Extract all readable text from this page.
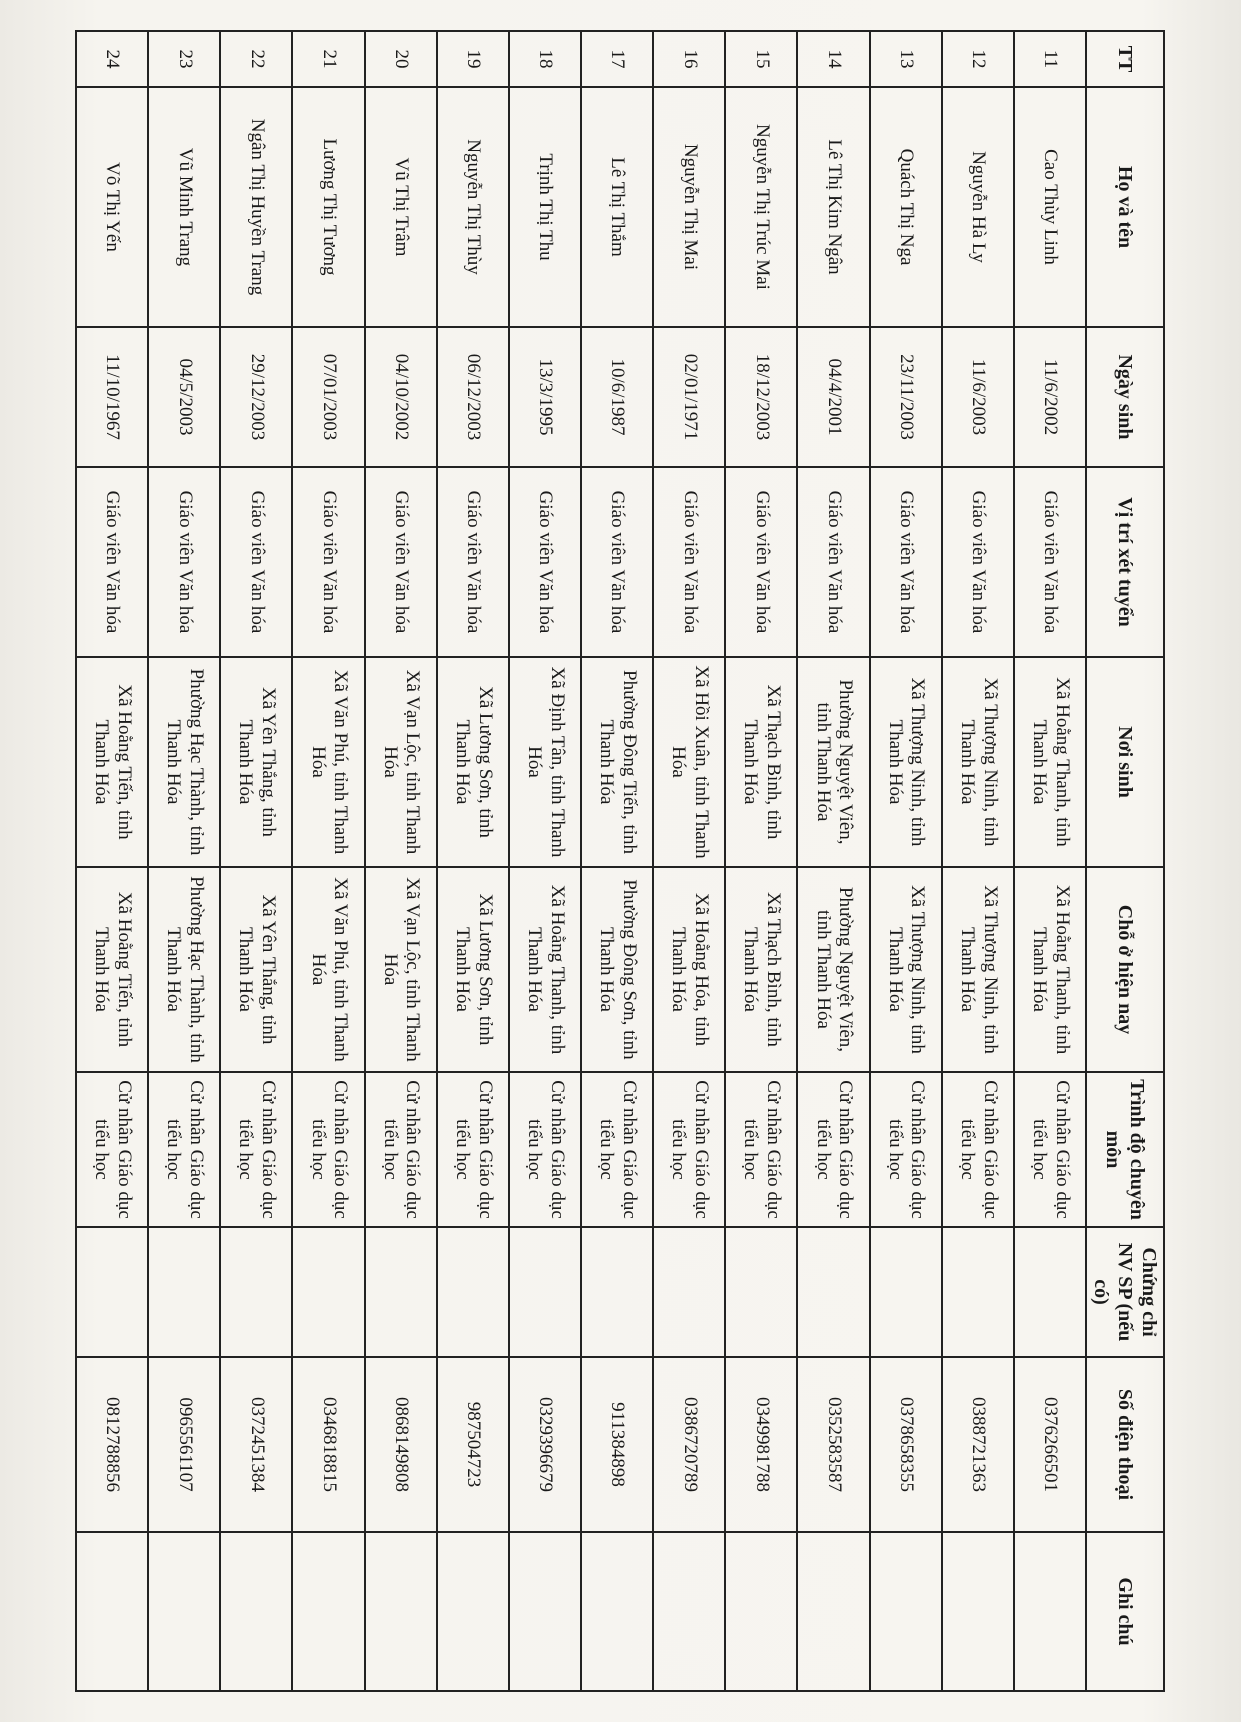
TT	Họ và tên	Ngày sinh	Vị trí xét tuyển	Nơi sinh	Chỗ ở hiện nay	Trình độ chuyên môn	Chứng chỉ NV SP (nếu có)	Số điện thoại	Ghi chú
11	Cao Thùy Linh	11/6/2002	Giáo viên Văn hóa	Xã Hoằng Thanh, tỉnh Thanh Hóa	Xã Hoằng Thanh, tỉnh Thanh Hóa	Cử nhân Giáo dục tiểu học		0376266501	
12	Nguyễn Hà Ly	11/6/2003	Giáo viên Văn hóa	Xã Thượng Ninh, tỉnh Thanh Hóa	Xã Thượng Ninh, tỉnh Thanh Hóa	Cử nhân Giáo dục tiểu học		0388721363	
13	Quách Thị Nga	23/11/2003	Giáo viên Văn hóa	Xã Thượng Ninh, tỉnh Thanh Hóa	Xã Thượng Ninh, tỉnh Thanh Hóa	Cử nhân Giáo dục tiểu học		0378658355	
14	Lê Thị Kim Ngân	04/4/2001	Giáo viên Văn hóa	Phường Nguyệt Viên, tỉnh Thanh Hóa	Phường Nguyệt Viên, tỉnh Thanh Hóa	Cử nhân Giáo dục tiểu học		0352583587	
15	Nguyễn Thị Trúc Mai	18/12/2003	Giáo viên Văn hóa	Xã Thạch Bình, tỉnh Thanh Hóa	Xã Thạch Bình, tỉnh Thanh Hóa	Cử nhân Giáo dục tiểu học		0349981788	
16	Nguyễn Thị Mai	02/01/1971	Giáo viên Văn hóa	Xã Hồi Xuân, tỉnh Thanh Hóa	Xã Hoằng Hóa, tỉnh Thanh Hóa	Cử nhân Giáo dục tiểu học		0386720789	
17	Lê Thị Thắm	10/6/1987	Giáo viên Văn hóa	Phường Đông Tiến, tỉnh Thanh Hóa	Phường Đông Sơn, tỉnh Thanh Hóa	Cử nhân Giáo dục tiểu học		911384898	
18	Trịnh Thị Thu	13/3/1995	Giáo viên Văn hóa	Xã Định Tân, tỉnh Thanh Hóa	Xã Hoằng Thanh, tỉnh Thanh Hóa	Cử nhân Giáo dục tiểu học		0329396679	
19	Nguyễn Thị Thùy	06/12/2003	Giáo viên Văn hóa	Xã Lương Sơn, tỉnh Thanh Hóa	Xã Lương Sơn, tỉnh Thanh Hóa	Cử nhân Giáo dục tiểu học		987504723	
20	Vũ Thị Trâm	04/10/2002	Giáo viên Văn hóa	Xã Vạn Lộc, tỉnh Thanh Hóa	Xã Vạn Lộc, tỉnh Thanh Hóa	Cử nhân Giáo dục tiểu học		0868149808	
21	Lương Thị Tương	07/01/2003	Giáo viên Văn hóa	Xã Văn Phú, tỉnh Thanh Hóa	Xã Văn Phú, tỉnh Thanh Hóa	Cử nhân Giáo dục tiểu học		0346818815	
22	Ngân Thị Huyền Trang	29/12/2003	Giáo viên Văn hóa	Xã Yên Thắng, tỉnh Thanh Hóa	Xã Yên Thắng, tỉnh Thanh Hóa	Cử nhân Giáo dục tiểu học		0372451384	
23	Vũ Minh Trang	04/5/2003	Giáo viên Văn hóa	Phường Hạc Thành, tỉnh Thanh Hóa	Phường Hạc Thành, tỉnh Thanh Hóa	Cử nhân Giáo dục tiểu học		0965561107	
24	Võ Thị Yến	11/10/1967	Giáo viên Văn hóa	Xã Hoằng Tiến, tỉnh Thanh Hóa	Xã Hoằng Tiến, tỉnh Thanh Hóa	Cử nhân Giáo dục tiểu học		0812788856	
